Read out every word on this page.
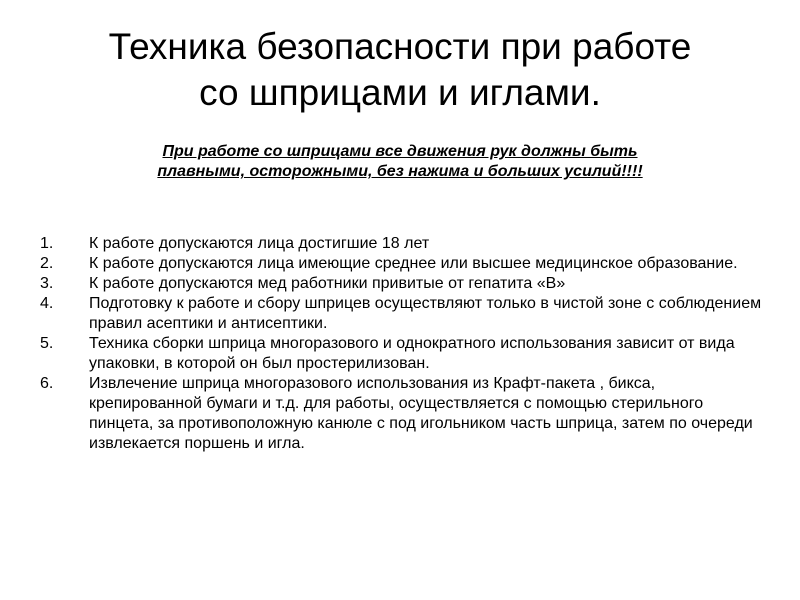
Техника безопасности при работе
со шприцами и иглами.

При работе со шприцами все движения рук должны быть
плавными, осторожными, без нажима и больших усилий!!!!

1. К работе допускаются лица достигшие 18 лет
2. К работе допускаются лица имеющие среднее или высшее медицинское образование.
3. К работе допускаются мед работники привитые от гепатита «В»
4. Подготовку к работе и сбору шприцев осуществляют только в чистой зоне с соблюдением правил асептики и антисептики.
5. Техника сборки шприца многоразового и однократного использования зависит от вида упаковки, в которой он был простерилизован.
6. Извлечение шприца многоразового использования из Крафт-пакета , бикса, крепированной бумаги и т.д. для работы, осуществляется с помощью стерильного пинцета, за противоположную канюле с под игольником часть шприца, затем по очереди извлекается поршень и игла.
